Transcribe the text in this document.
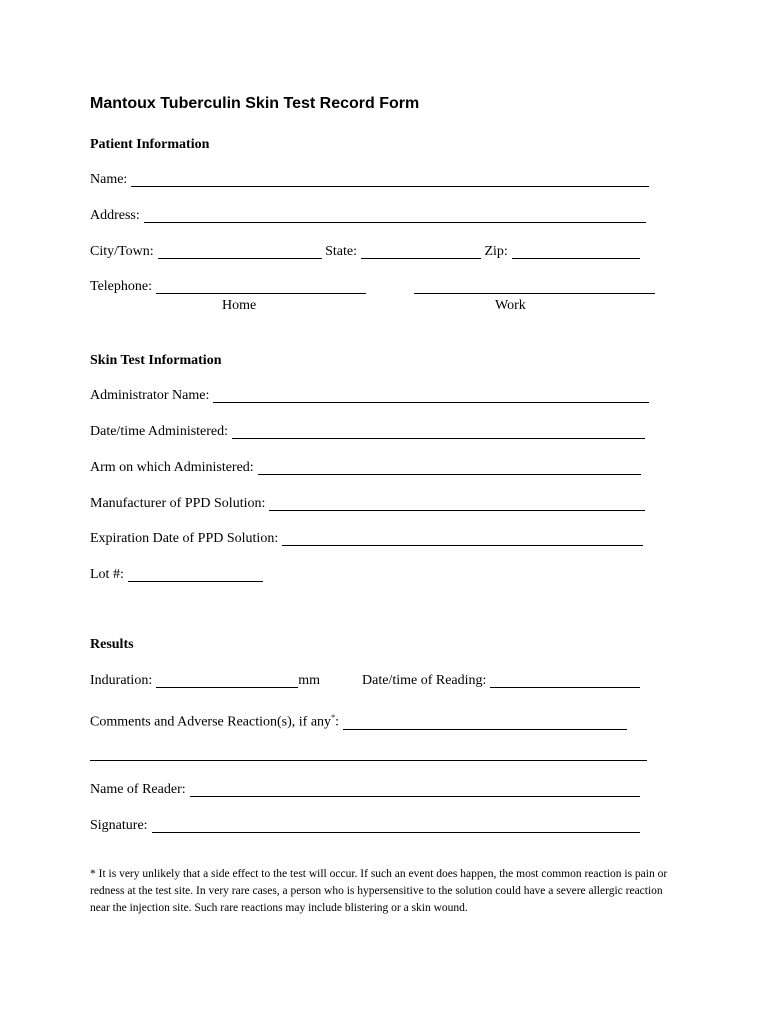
Mantoux Tuberculin Skin Test Record Form
Patient Information
Name:
Address:
City/Town:	State:	Zip:
Telephone:
Home	Work
Skin Test Information
Administrator Name:
Date/time Administered:
Arm on which Administered:
Manufacturer of PPD Solution:
Expiration Date of PPD Solution:
Lot #:
Results
Induration:	mm	Date/time of Reading:
Comments and Adverse Reaction(s), if any*:
Name of Reader:
Signature:
* It is very unlikely that a side effect to the test will occur. If such an event does happen, the most common reaction is pain or redness at the test site. In very rare cases, a person who is hypersensitive to the solution could have a severe allergic reaction near the injection site. Such rare reactions may include blistering or a skin wound.
